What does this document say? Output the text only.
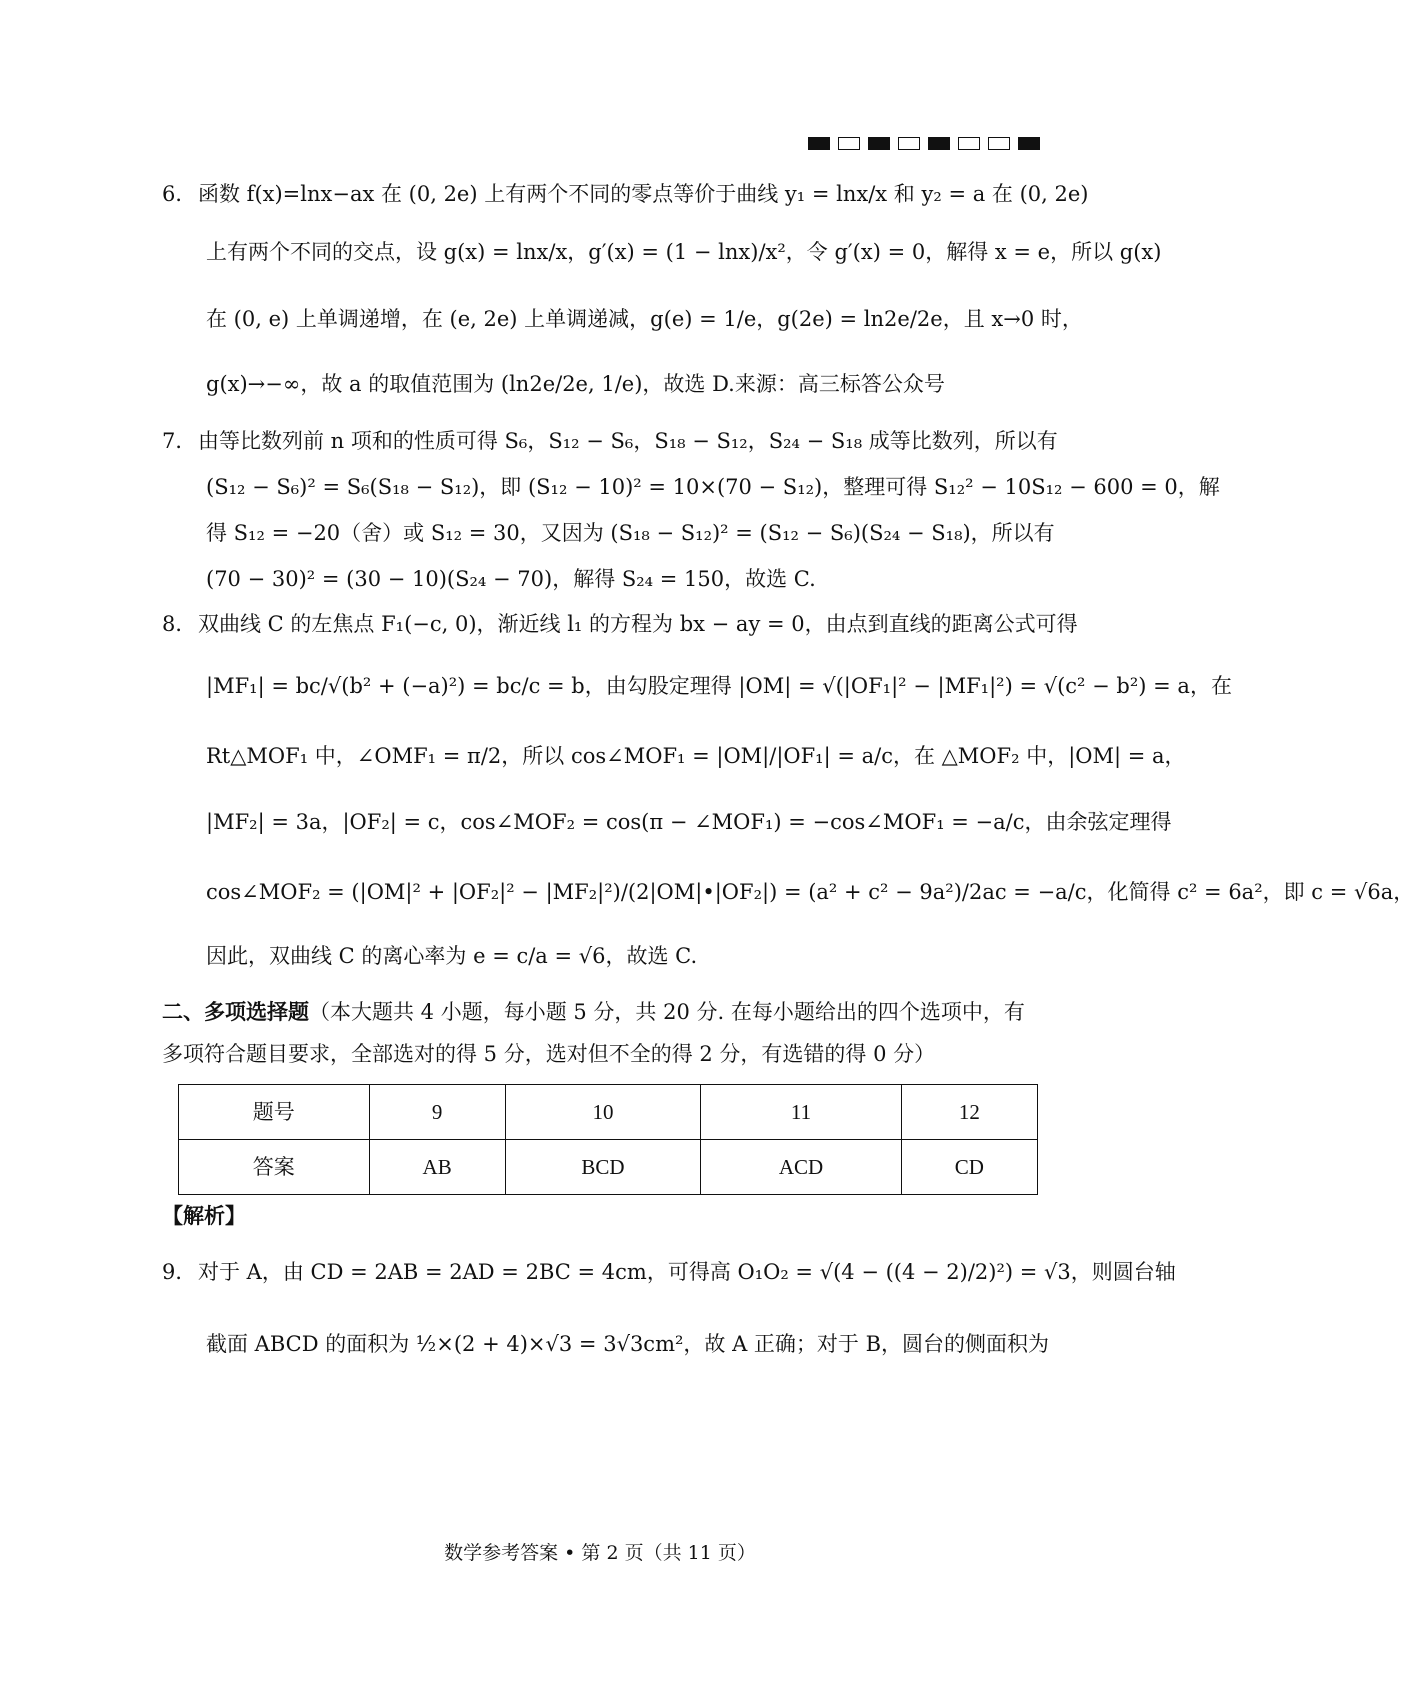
6．函数 f(x)=lnx−ax 在 (0, 2e) 上有两个不同的零点等价于曲线 y₁ = lnx/x 和 y₂ = a 在 (0, 2e)
上有两个不同的交点，设 g(x) = lnx/x，g′(x) = (1 − lnx)/x²，令 g′(x) = 0，解得 x = e，所以 g(x)
在 (0, e) 上单调递增，在 (e, 2e) 上单调递减，g(e) = 1/e，g(2e) = ln2e/2e，且 x→0 时，
g(x)→−∞，故 a 的取值范围为 (ln2e/2e, 1/e)，故选 D.来源：高三标答公众号
7．由等比数列前 n 项和的性质可得 S₆，S₁₂ − S₆，S₁₈ − S₁₂，S₂₄ − S₁₈ 成等比数列，所以有
(S₁₂ − S₆)² = S₆(S₁₈ − S₁₂)，即 (S₁₂ − 10)² = 10×(70 − S₁₂)，整理可得 S₁₂² − 10S₁₂ − 600 = 0，解
得 S₁₂ = −20（舍）或 S₁₂ = 30，又因为 (S₁₈ − S₁₂)² = (S₁₂ − S₆)(S₂₄ − S₁₈)，所以有
(70 − 30)² = (30 − 10)(S₂₄ − 70)，解得 S₂₄ = 150，故选 C.
8．双曲线 C 的左焦点 F₁(−c, 0)，渐近线 l₁ 的方程为 bx − ay = 0，由点到直线的距离公式可得
|MF₁| = bc/√(b² + (−a)²) = bc/c = b，由勾股定理得 |OM| = √(|OF₁|² − |MF₁|²) = √(c² − b²) = a，在
Rt△MOF₁ 中，∠OMF₁ = π/2，所以 cos∠MOF₁ = |OM|/|OF₁| = a/c，在 △MOF₂ 中，|OM| = a，
|MF₂| = 3a，|OF₂| = c，cos∠MOF₂ = cos(π − ∠MOF₁) = −cos∠MOF₁ = −a/c，由余弦定理得
cos∠MOF₂ = (|OM|² + |OF₂|² − |MF₂|²)/(2|OM|•|OF₂|) = (a² + c² − 9a²)/2ac = −a/c，化简得 c² = 6a²，即 c = √6a，
因此，双曲线 C 的离心率为 e = c/a = √6，故选 C.
二、多项选择题（本大题共 4 小题，每小题 5 分，共 20 分. 在每小题给出的四个选项中，有
多项符合题目要求，全部选对的得 5 分，选对但不全的得 2 分，有选错的得 0 分）
题号	9	10	11	12
答案	AB	BCD	ACD	CD
【解析】
9．对于 A，由 CD = 2AB = 2AD = 2BC = 4cm，可得高 O₁O₂ = √(4 − ((4 − 2)/2)²) = √3，则圆台轴
截面 ABCD 的面积为 ½×(2 + 4)×√3 = 3√3cm²，故 A 正确；对于 B，圆台的侧面积为
数学参考答案 • 第 2 页（共 11 页）
